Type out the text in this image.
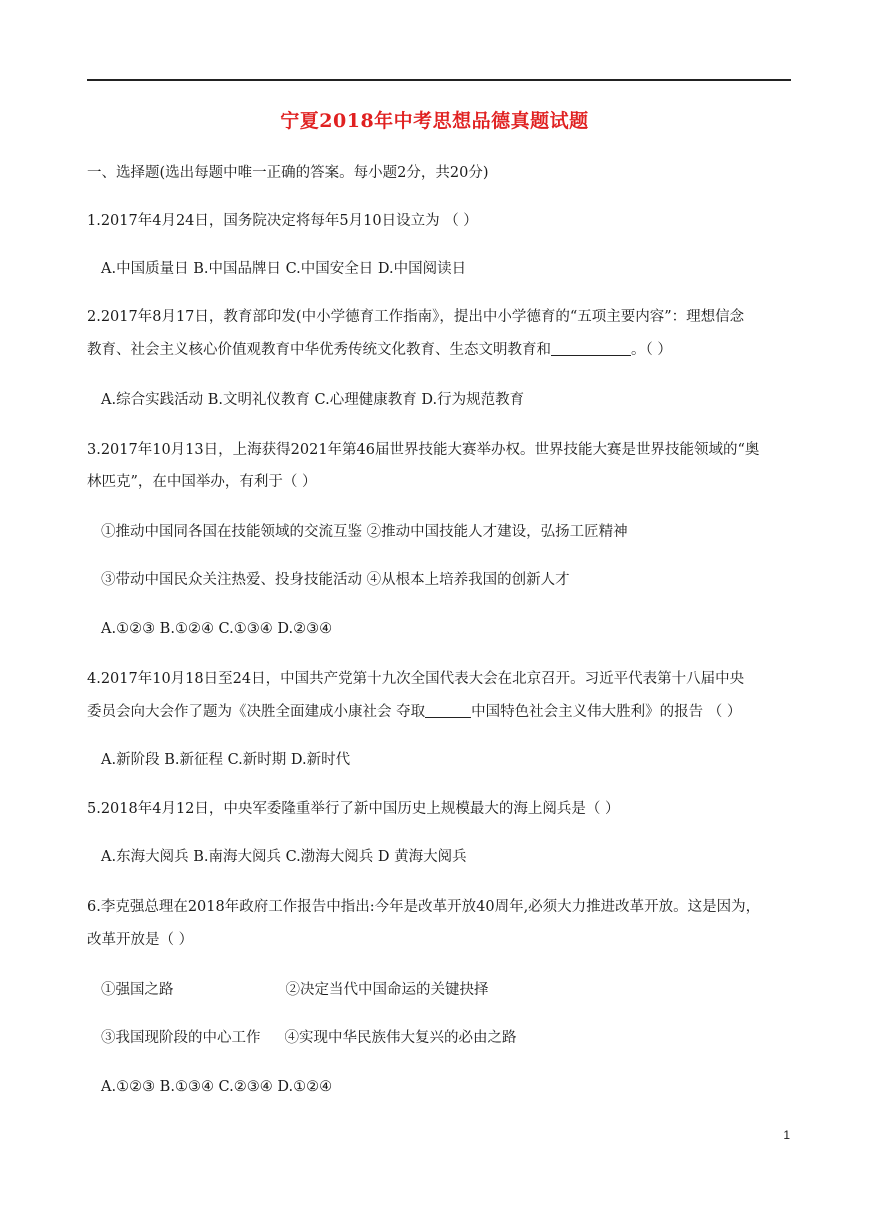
宁夏2018年中考思想品德真题试题
一、选择题(选出每题中唯一正确的答案。每小题2分，共20分)
1.2017年4月24日，国务院决定将每年5月10日设立为 （ ）
A.中国质量日 B.中国品牌日 C.中国安全日 D.中国阅读日
2.2017年8月17日，教育部印发(中小学德育工作指南》，提出中小学德育的“五项主要内容”：理想信念
教育、社会主义核心价值观教育中华优秀传统文化教育、生态文明教育和	。（ ）
A.综合实践活动 B.文明礼仪教育 C.心理健康教育 D.行为规范教育
3.2017年10月13日，上海获得2021年第46届世界技能大赛举办权。世界技能大赛是世界技能领域的“奥
林匹克”，在中国举办，有利于（ ）
①推动中国同各国在技能领域的交流互鉴 ②推动中国技能人才建设，弘扬工匠精神
③带动中国民众关注热爱、投身技能活动 ④从根本上培养我国的创新人才
A.①②③ B.①②④ C.①③④ D.②③④
4.2017年10月18日至24日，中国共产党第十九次全国代表大会在北京召开。习近平代表第十八届中央
委员会向大会作了题为《决胜全面建成小康社会 夺取	中国特色社会主义伟大胜利》的报告 （ ）
A.新阶段 B.新征程 C.新时期 D.新时代
5.2018年4月12日，中央军委隆重举行了新中国历史上规模最大的海上阅兵是（ ）
A.东海大阅兵 B.南海大阅兵 C.渤海大阅兵 D 黄海大阅兵
6.李克强总理在2018年政府工作报告中指出:今年是改革开放40周年,必须大力推进改革开放。这是因为，
改革开放是（ ）
①强国之路	②决定当代中国命运的关键抉择
③我国现阶段的中心工作 ④实现中华民族伟大复兴的必由之路
A.①②③ B.①③④ C.②③④ D.①②④
1
